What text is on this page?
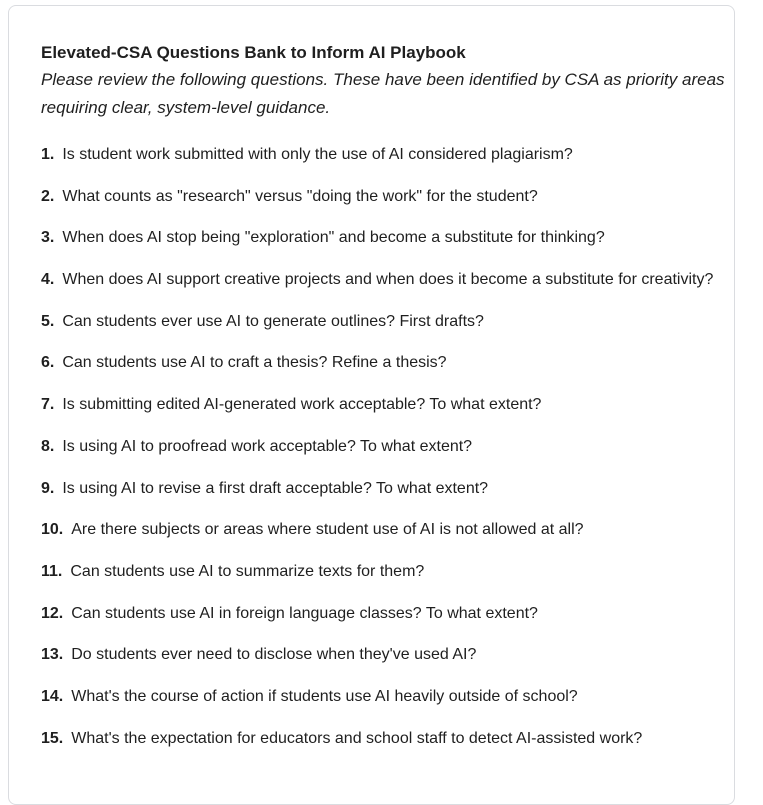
Elevated-CSA Questions Bank to Inform AI Playbook

Please review the following questions. These have been identified by CSA as priority areas requiring clear, system-level guidance.

1. Is student work submitted with only the use of AI considered plagiarism?
2. What counts as "research" versus "doing the work" for the student?
3. When does AI stop being "exploration" and become a substitute for thinking?
4. When does AI support creative projects and when does it become a substitute for creativity?
5. Can students ever use AI to generate outlines? First drafts?
6. Can students use AI to craft a thesis? Refine a thesis?
7. Is submitting edited AI-generated work acceptable? To what extent?
8. Is using AI to proofread work acceptable? To what extent?
9. Is using AI to revise a first draft acceptable? To what extent?
10. Are there subjects or areas where student use of AI is not allowed at all?
11. Can students use AI to summarize texts for them?
12. Can students use AI in foreign language classes? To what extent?
13. Do students ever need to disclose when they've used AI?
14. What's the course of action if students use AI heavily outside of school?
15. What's the expectation for educators and school staff to detect AI-assisted work?
